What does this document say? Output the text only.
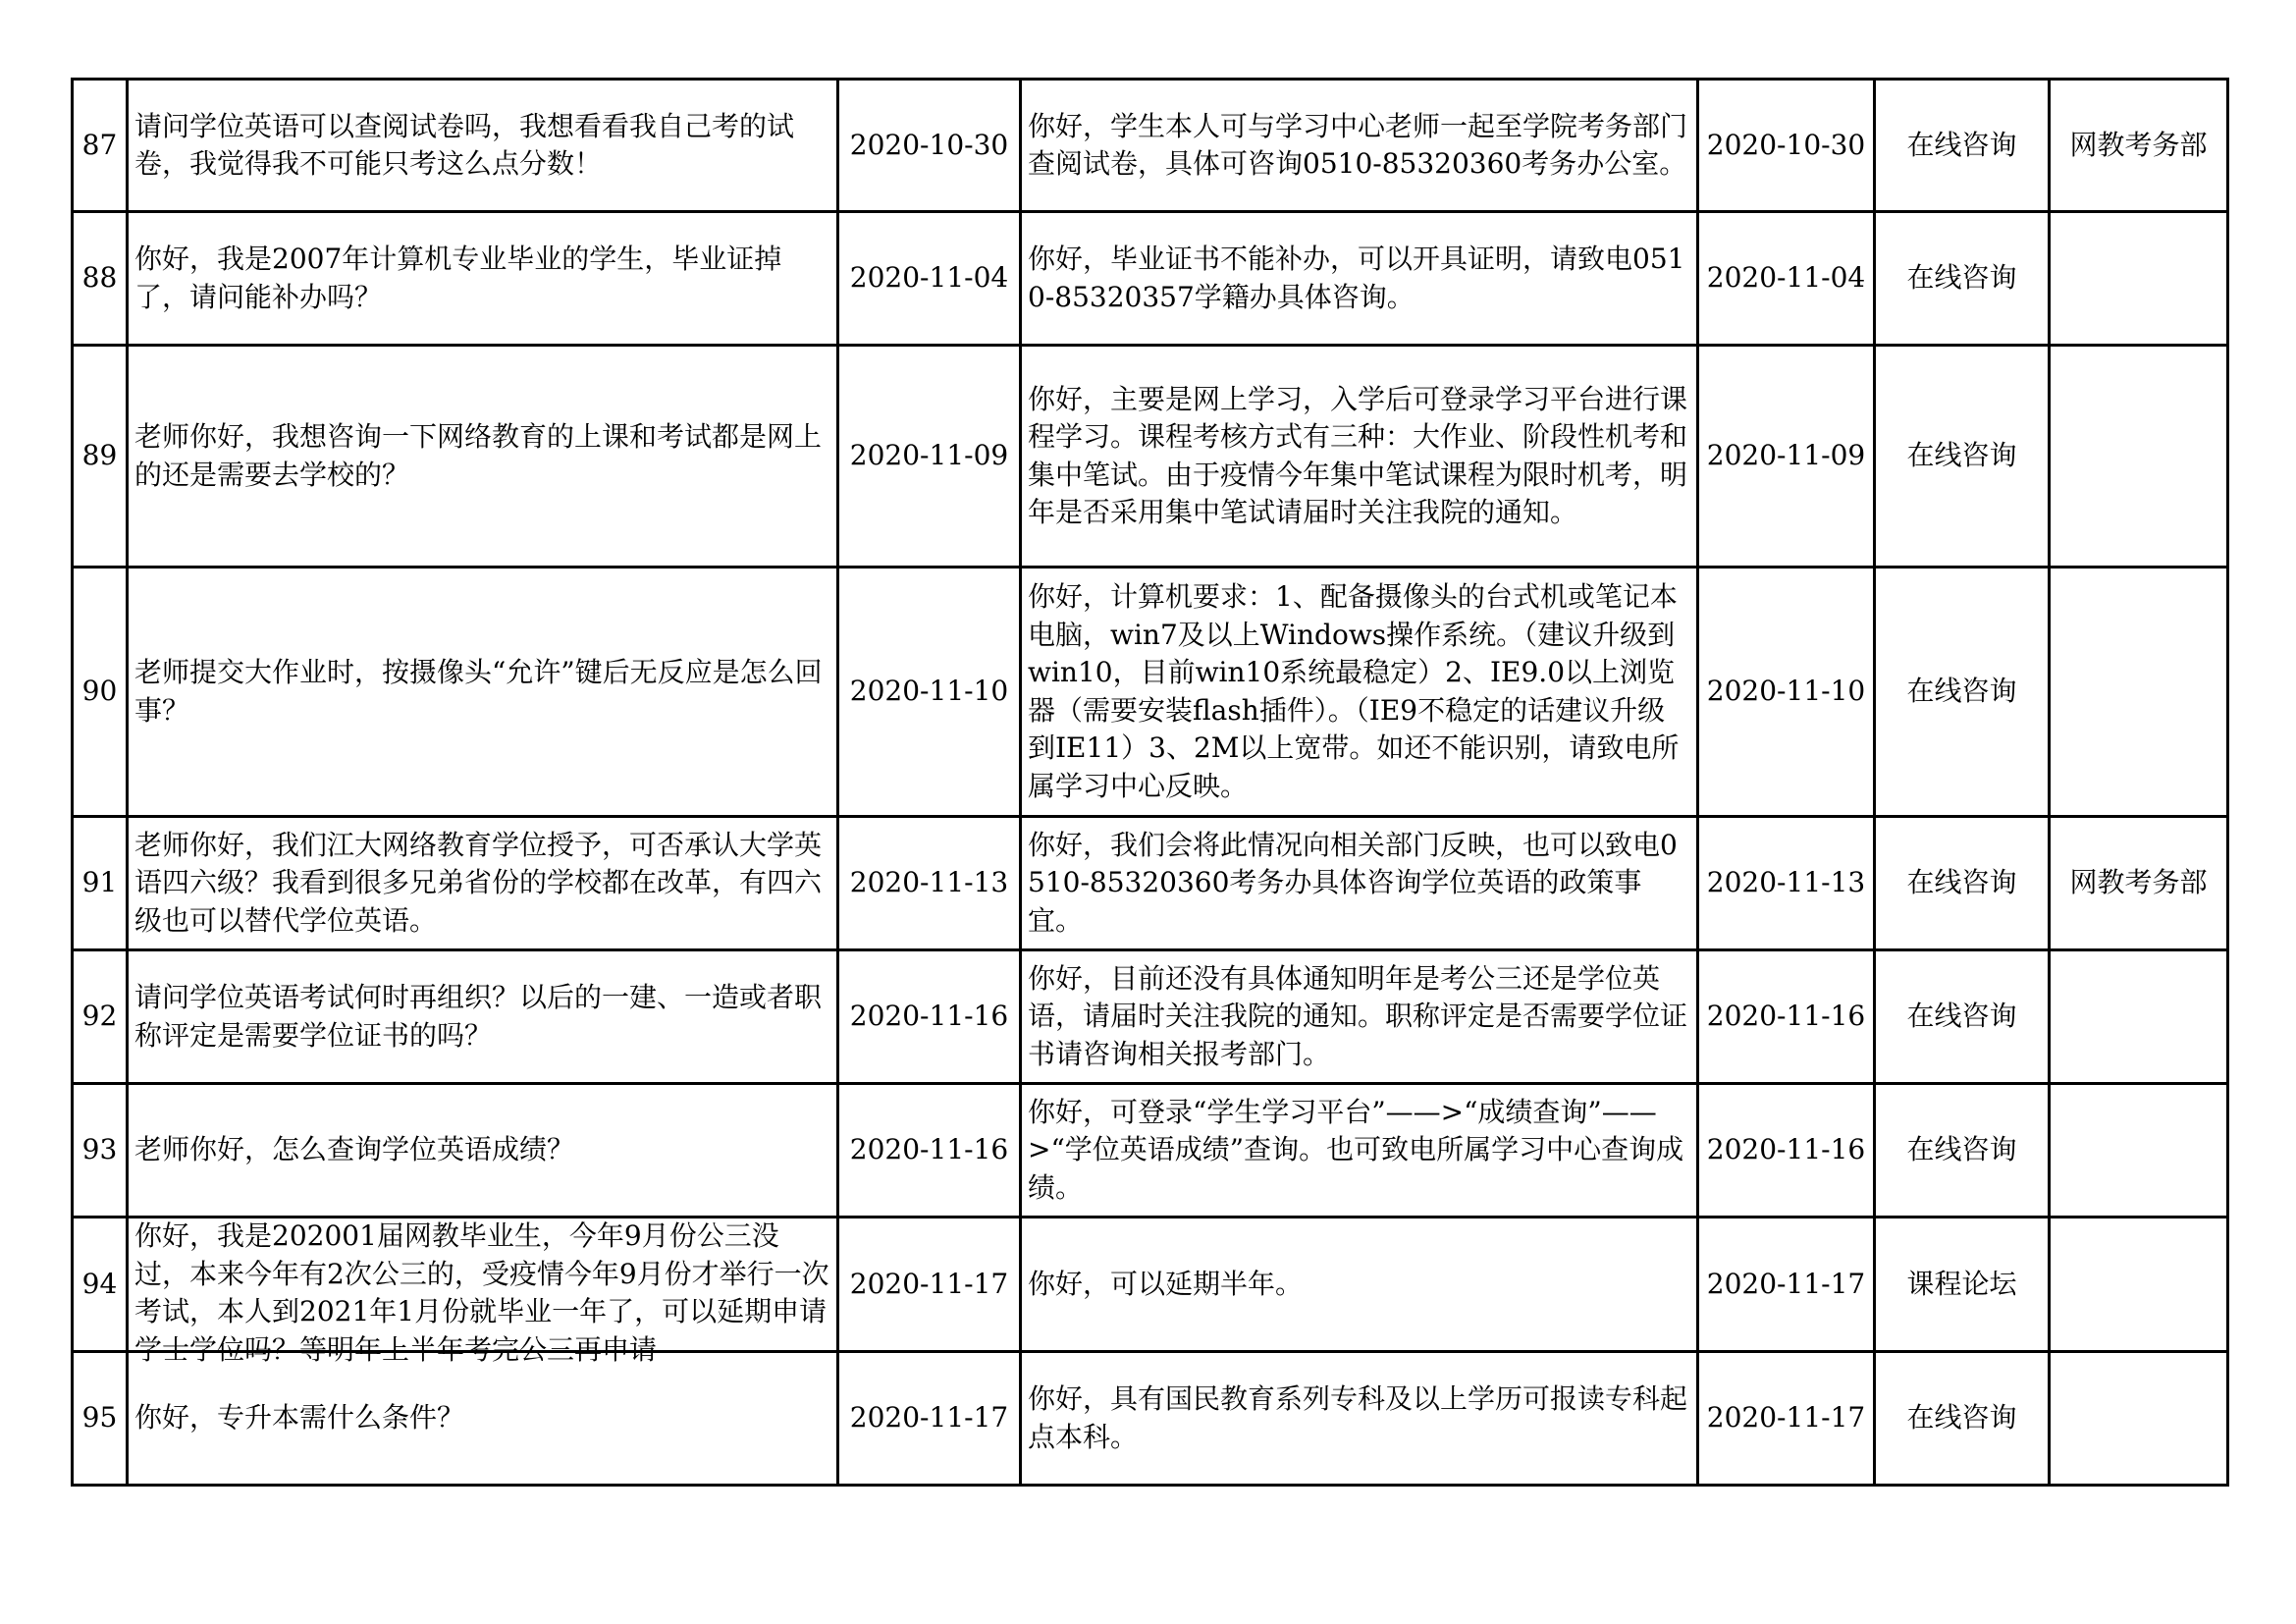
87	请问学位英语可以查阅试卷吗，我想看看我自己考的试卷，我觉得我不可能只考这么点分数！	2020-10-30	你好，学生本人可与学习中心老师一起至学院考务部门查阅试卷，具体可咨询0510-85320360考务办公室。	2020-10-30	在线咨询	网教考务部
88	你好，我是2007年计算机专业毕业的学生，毕业证掉了，请问能补办吗？	2020-11-04	你好，毕业证书不能补办，可以开具证明，请致电0510-85320357学籍办具体咨询。	2020-11-04	在线咨询	
89	老师你好，我想咨询一下网络教育的上课和考试都是网上的还是需要去学校的？	2020-11-09	你好，主要是网上学习，入学后可登录学习平台进行课程学习。课程考核方式有三种：大作业、阶段性机考和集中笔试。由于疫情今年集中笔试课程为限时机考，明年是否采用集中笔试请届时关注我院的通知。	2020-11-09	在线咨询	
90	老师提交大作业时，按摄像头“允许”键后无反应是怎么回事？	2020-11-10	你好，计算机要求：1、配备摄像头的台式机或笔记本电脑，win7及以上Windows操作系统。（建议升级到win10，目前win10系统最稳定）2、IE9.0以上浏览器（需要安装flash插件）。（IE9不稳定的话建议升级到IE11）3、2M以上宽带。如还不能识别，请致电所属学习中心反映。	2020-11-10	在线咨询	
91	老师你好，我们江大网络教育学位授予，可否承认大学英语四六级？我看到很多兄弟省份的学校都在改革，有四六级也可以替代学位英语。	2020-11-13	你好，我们会将此情况向相关部门反映，也可以致电0510-85320360考务办具体咨询学位英语的政策事宜。	2020-11-13	在线咨询	网教考务部
92	请问学位英语考试何时再组织？以后的一建、一造或者职称评定是需要学位证书的吗？	2020-11-16	你好，目前还没有具体通知明年是考公三还是学位英语，请届时关注我院的通知。职称评定是否需要学位证书请咨询相关报考部门。	2020-11-16	在线咨询	
93	老师你好，怎么查询学位英语成绩？	2020-11-16	你好，可登录“学生学习平台”——>“成绩查询”——>“学位英语成绩”查询。也可致电所属学习中心查询成绩。	2020-11-16	在线咨询	
94	你好，我是202001届网教毕业生，今年9月份公三没过，本来今年有2次公三的，受疫情今年9月份才举行一次考试，本人到2021年1月份就毕业一年了，可以延期申请学士学位吗？等明年上半年考完公三再申请	2020-11-17	你好，可以延期半年。	2020-11-17	课程论坛	
95	你好，专升本需什么条件？	2020-11-17	你好，具有国民教育系列专科及以上学历可报读专科起点本科。	2020-11-17	在线咨询	
